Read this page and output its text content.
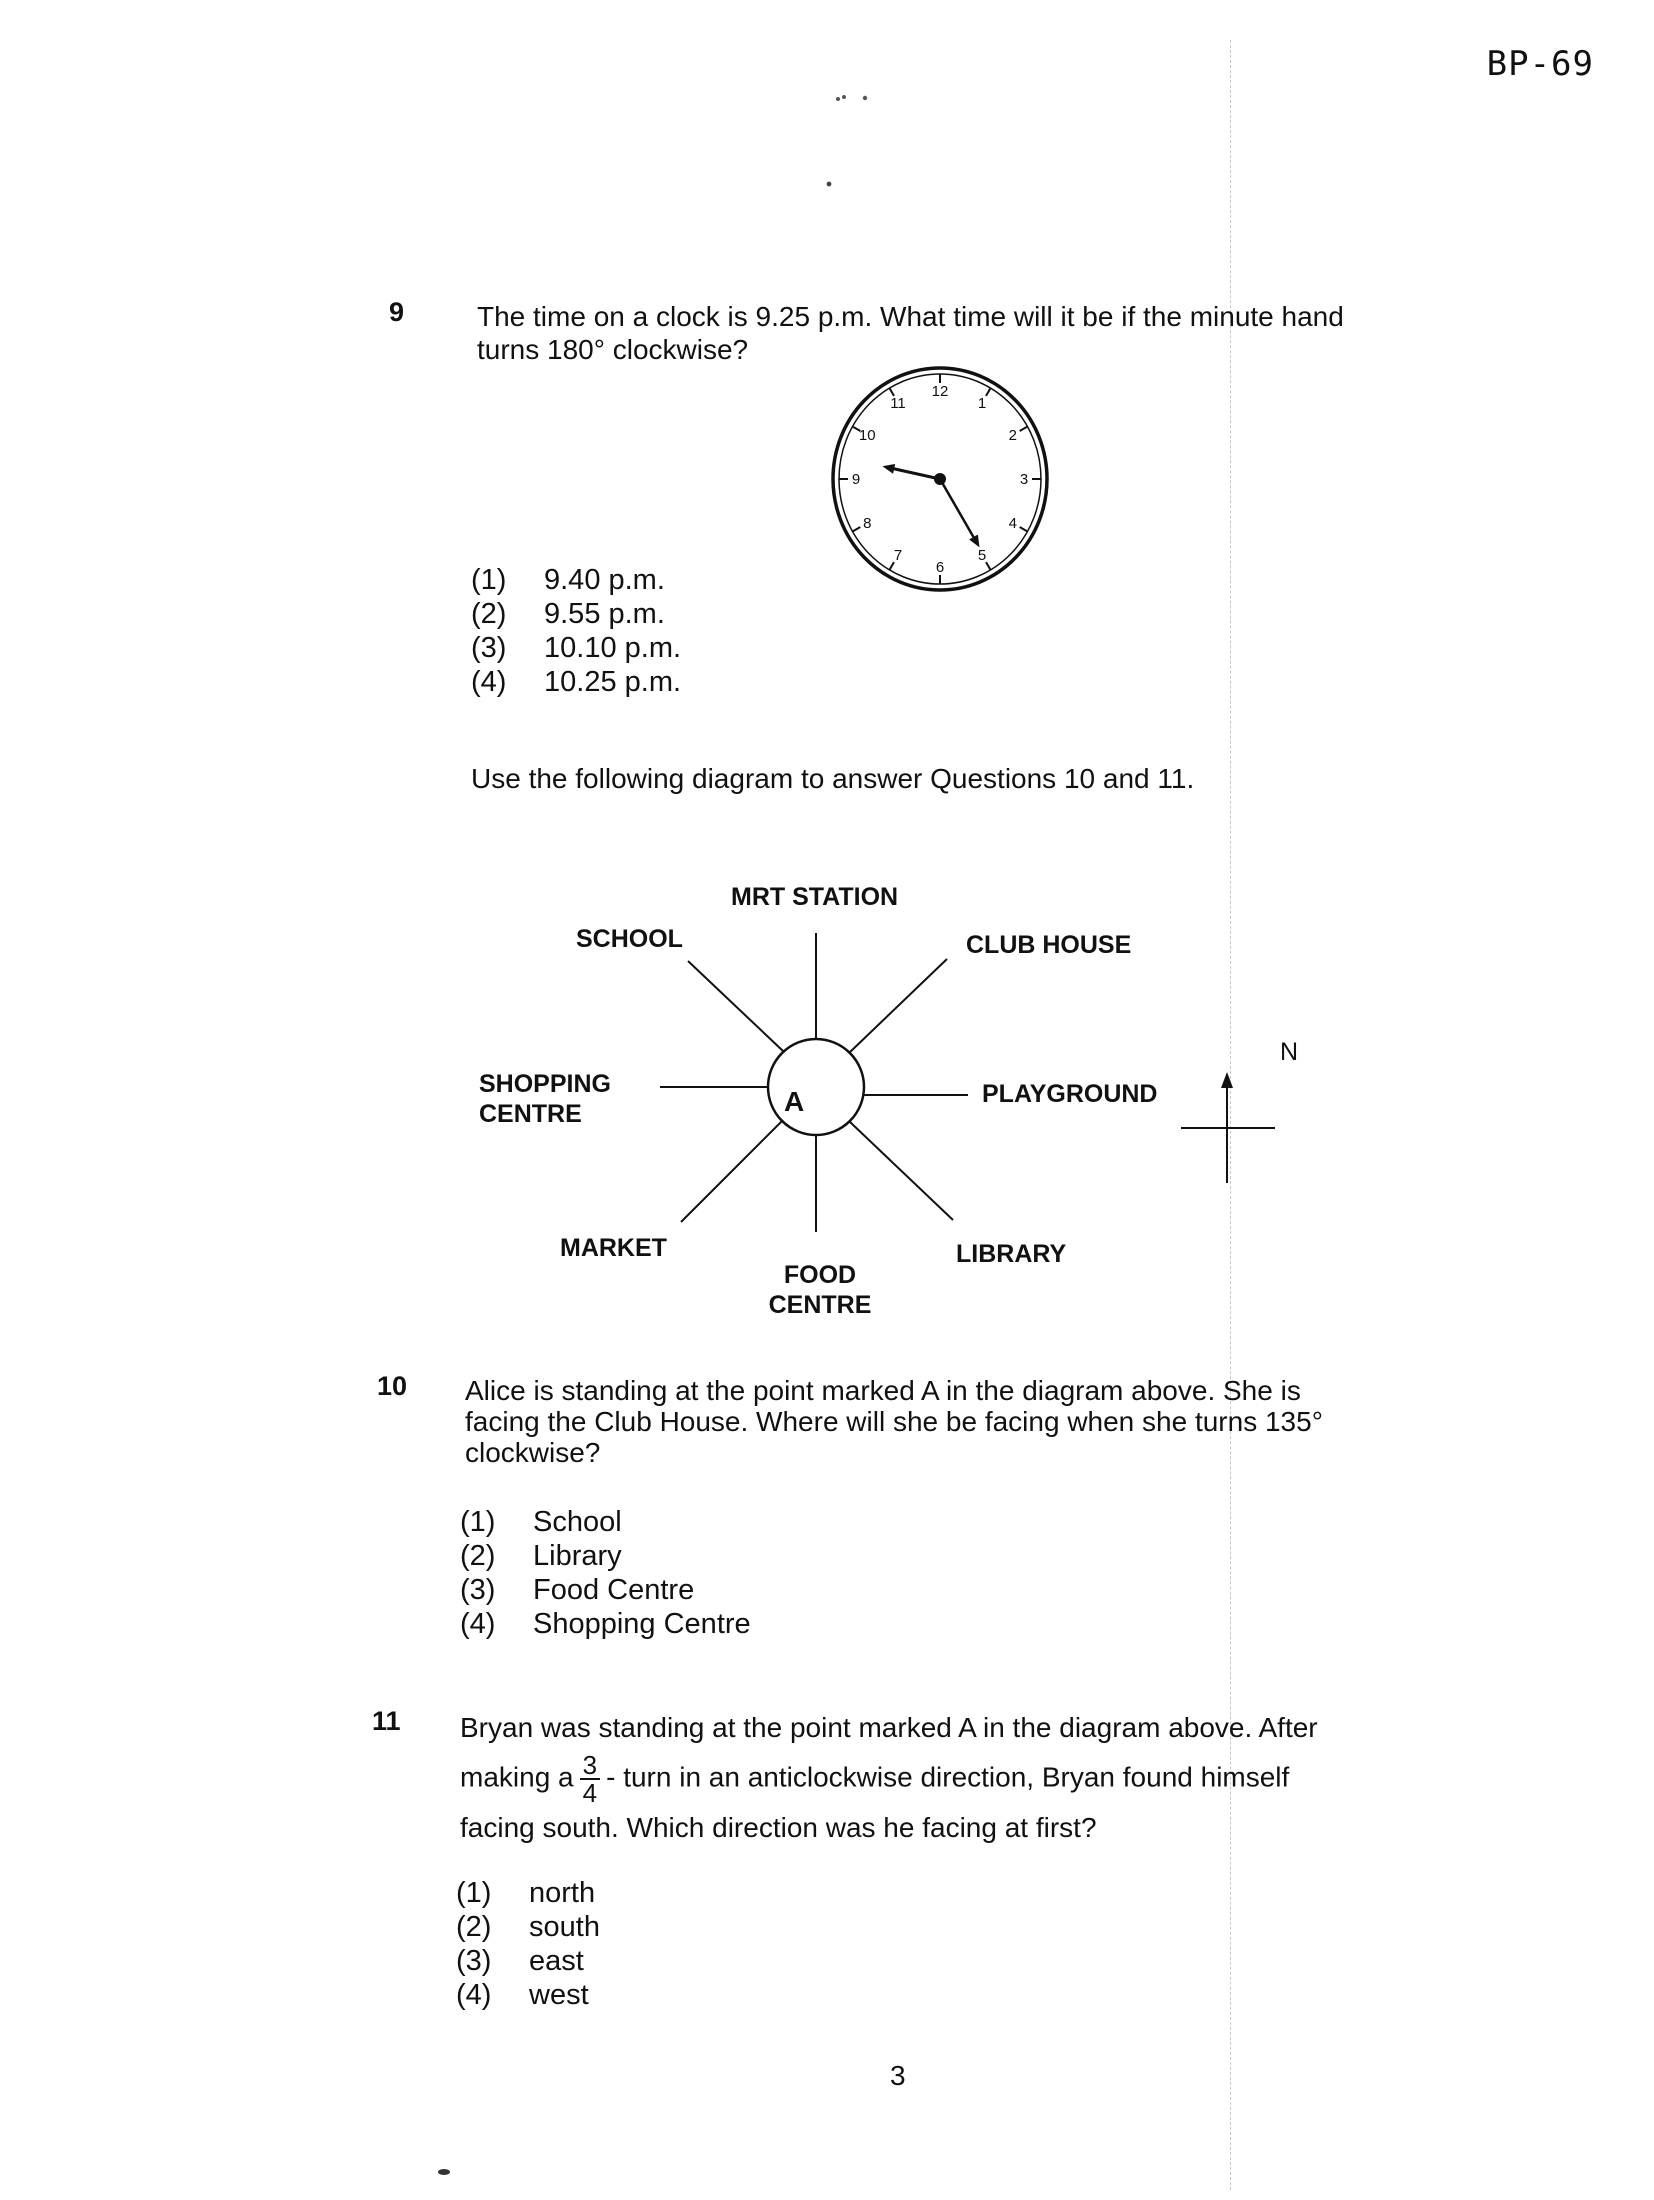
BP-69
9	The time on a clock is 9.25 p.m. What time will it be if the minute hand
turns 180° clockwise?
12
1
2
3
4
5
6
7
8
9
10
11
(1) 9.40 p.m.
(2) 9.55 p.m.
(3) 10.10 p.m.
(4) 10.25 p.m.
Use the following diagram to answer Questions 10 and 11.
A
MRT STATION
SCHOOL	CLUB HOUSE
SHOPPING
CENTRE
PLAYGROUND
MARKET
FOOD
CENTRE
LIBRARY
N
10 Alice is standing at the point marked A in the diagram above. She is
facing the Club House. Where will she be facing when she turns 135°
clockwise?
(1) School
(2) Library
(3) Food Centre
(4) Shopping Centre
11 Bryan was standing at the point marked A in the diagram above. After
making a $\frac{3}{4}$ - turn in an anticlockwise direction, Bryan found himself
facing south. Which direction was he facing at first?
(1) north
(2) south
(3) east
(4) west
3
